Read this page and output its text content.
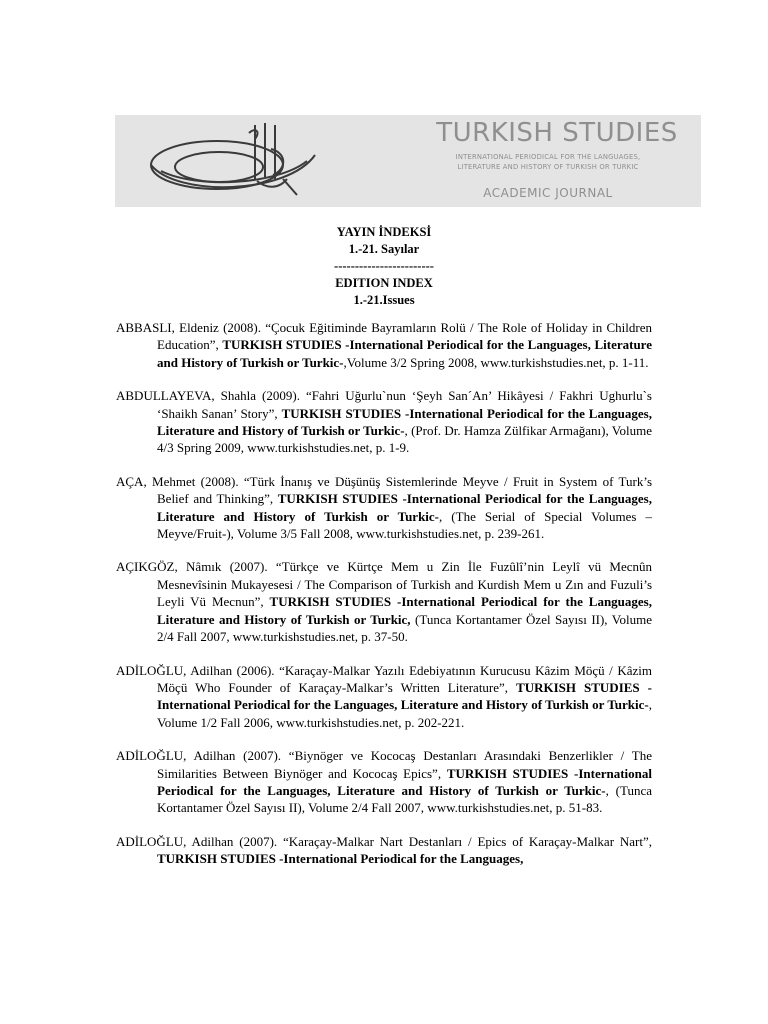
TURKISH STUDIES
INTERNATIONAL PERIODICAL FOR THE LANGUAGES,
LITERATURE AND HISTORY OF TURKISH OR TURKIC
ACADEMIC JOURNAL
YAYIN İNDEKSİ
1.-21. Sayılar
------------------------
EDITION INDEX
1.-21.Issues

ABBASLI, Eldeniz (2008). “Çocuk Eğitiminde Bayramların Rolü / The Role of Holiday in Children Education”, TURKISH STUDIES -International Periodical for the Languages, Literature and History of Turkish or Turkic-,Volume 3/2 Spring 2008, www.turkishstudies.net, p. 1-11.

ABDULLAYEVA, Shahla (2009). “Fahri Uğurlu`nun ‘Şeyh San´An’ Hikâyesi / Fakhri Ughurlu`s ‘Shaikh Sanan’ Story”, TURKISH STUDIES -International Periodical for the Languages, Literature and History of Turkish or Turkic-, (Prof. Dr. Hamza Zülfikar Armağanı), Volume 4/3 Spring 2009, www.turkishstudies.net, p. 1-9.

AÇA, Mehmet (2008). “Türk İnanış ve Düşünüş Sistemlerinde Meyve / Fruit in System of Turk’s Belief and Thinking”, TURKISH STUDIES -International Periodical for the Languages, Literature and History of Turkish or Turkic-, (The Serial of Special Volumes –Meyve/Fruit-), Volume 3/5 Fall 2008, www.turkishstudies.net, p. 239-261.

AÇIKGÖZ, Nâmık (2007). “Türkçe ve Kürtçe Mem u Zin İle Fuzûlî’nin Leylî vü Mecnûn Mesnevîsinin Mukayesesi / The Comparison of Turkish and Kurdish Mem u Zın and Fuzuli’s Leyli Vü Mecnun”, TURKISH STUDIES -International Periodical for the Languages, Literature and History of Turkish or Turkic, (Tunca Kortantamer Özel Sayısı II), Volume 2/4 Fall 2007, www.turkishstudies.net, p. 37-50.

ADİLOĞLU, Adilhan (2006). “Karaçay-Malkar Yazılı Edebiyatının Kurucusu Kâzim Möçü / Kâzim Möçü Who Founder of Karaçay-Malkar’s Written Literature”, TURKISH STUDIES -International Periodical for the Languages, Literature and History of Turkish or Turkic-, Volume 1/2 Fall 2006, www.turkishstudies.net, p. 202-221.

ADİLOĞLU, Adilhan (2007). “Biynöger ve Kococaş Destanları Arasındaki Benzerlikler / The Similarities Between Biynöger and Kococaş Epics”, TURKISH STUDIES -International Periodical for the Languages, Literature and History of Turkish or Turkic-, (Tunca Kortantamer Özel Sayısı II), Volume 2/4 Fall 2007, www.turkishstudies.net, p. 51-83.

ADİLOĞLU, Adilhan (2007). “Karaçay-Malkar Nart Destanları / Epics of Karaçay-Malkar Nart”, TURKISH STUDIES -International Periodical for the Languages,
